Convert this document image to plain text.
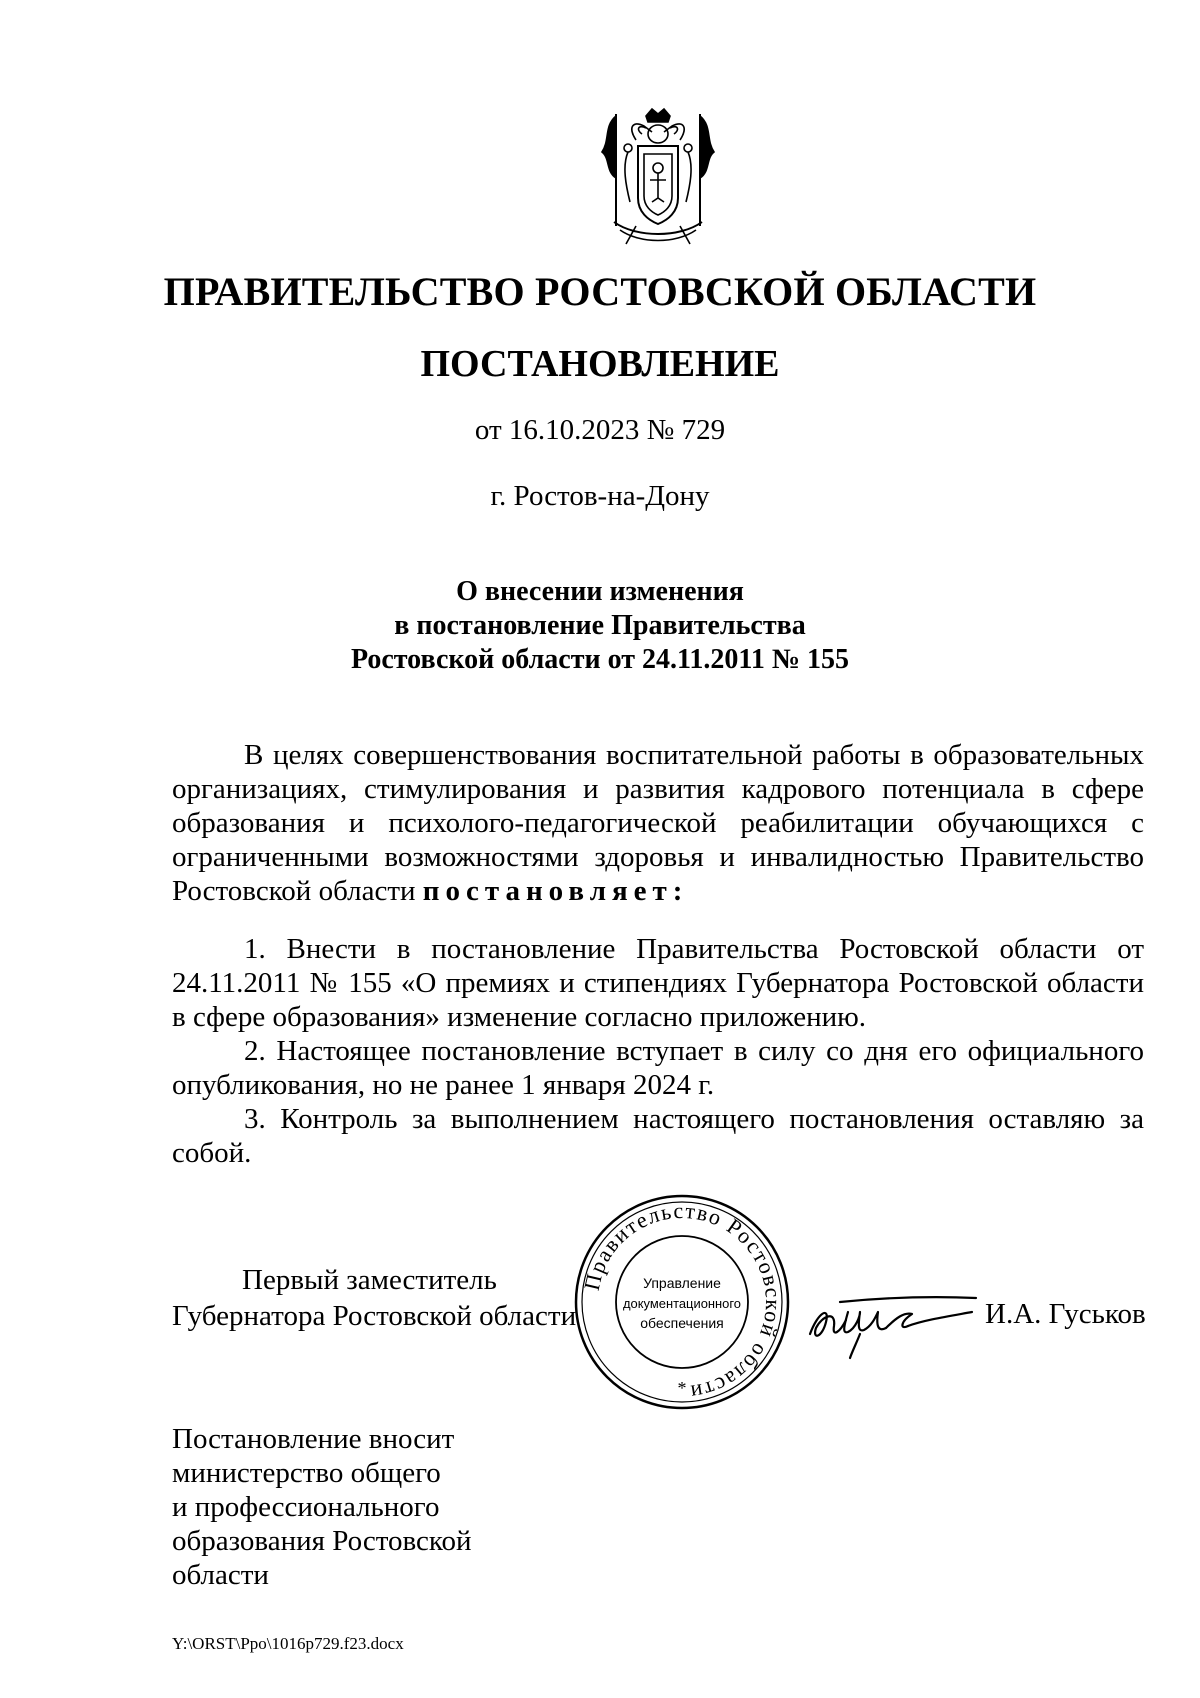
ПРАВИТЕЛЬСТВО РОСТОВСКОЙ ОБЛАСТИ
ПОСТАНОВЛЕНИЕ
от 16.10.2023 № 729
г. Ростов-на-Дону
О внесении изменения
в постановление Правительства
Ростовской области от 24.11.2011 № 155

В целях совершенствования воспитательной работы в образовательных организациях, стимулирования и развития кадрового потенциала в сфере образования и психолого-педагогической реабилитации обучающихся с ограниченными возможностями здоровья и инвалидностью Правительство Ростовской области постановляет:

1. Внести в постановление Правительства Ростовской области от 24.11.2011 № 155 «О премиях и стипендиях Губернатора Ростовской области в сфере образования» изменение согласно приложению.

2. Настоящее постановление вступает в силу со дня его официального опубликования, но не ранее 1 января 2024 г.

3. Контроль за выполнением настоящего постановления оставляю за собой.

Первый заместитель
Губернатора Ростовской области
Правительство Ростовской области
Управление
документационного
обеспечения
*
И.А. Гуськов
Постановление вносит
министерство общего
и профессионального
образования Ростовской
области
Y:\ORST\Ppo\1016p729.f23.docx
